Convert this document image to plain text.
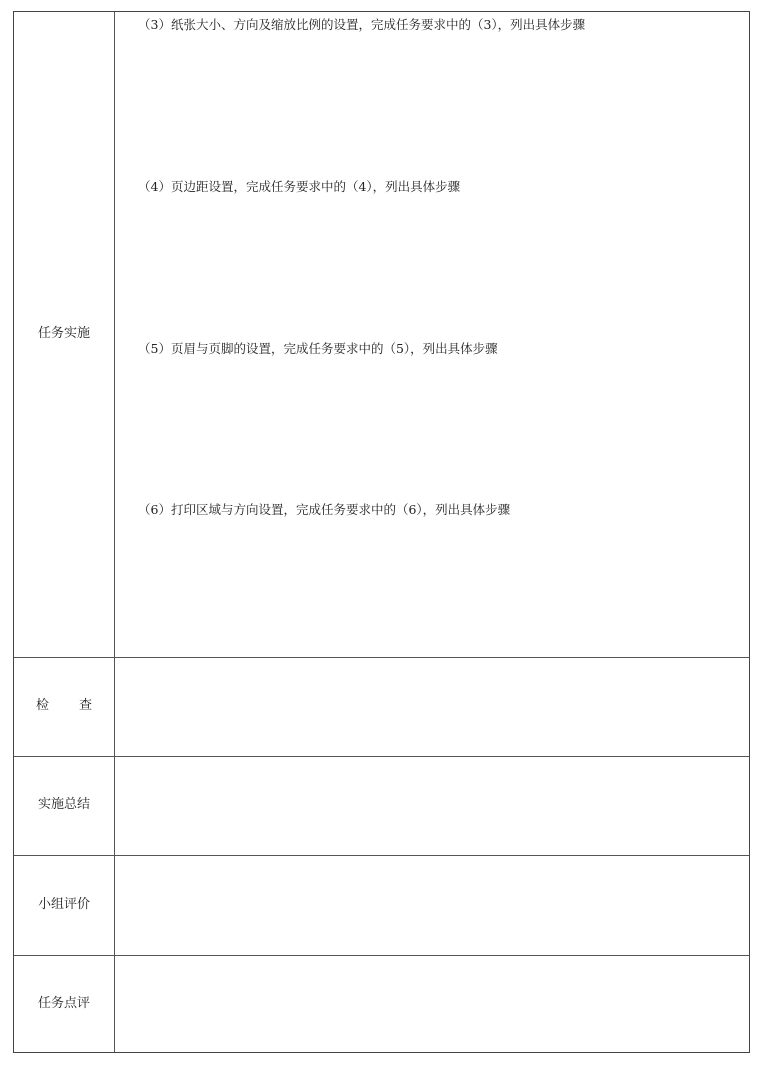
任务实施
（3）纸张大小、方向及缩放比例的设置，完成任务要求中的（3），列出具体步骤
（4）页边距设置，完成任务要求中的（4），列出具体步骤
（5）页眉与页脚的设置，完成任务要求中的（5），列出具体步骤
（6）打印区域与方向设置，完成任务要求中的（6），列出具体步骤
检 查
实施总结
小组评价
任务点评
